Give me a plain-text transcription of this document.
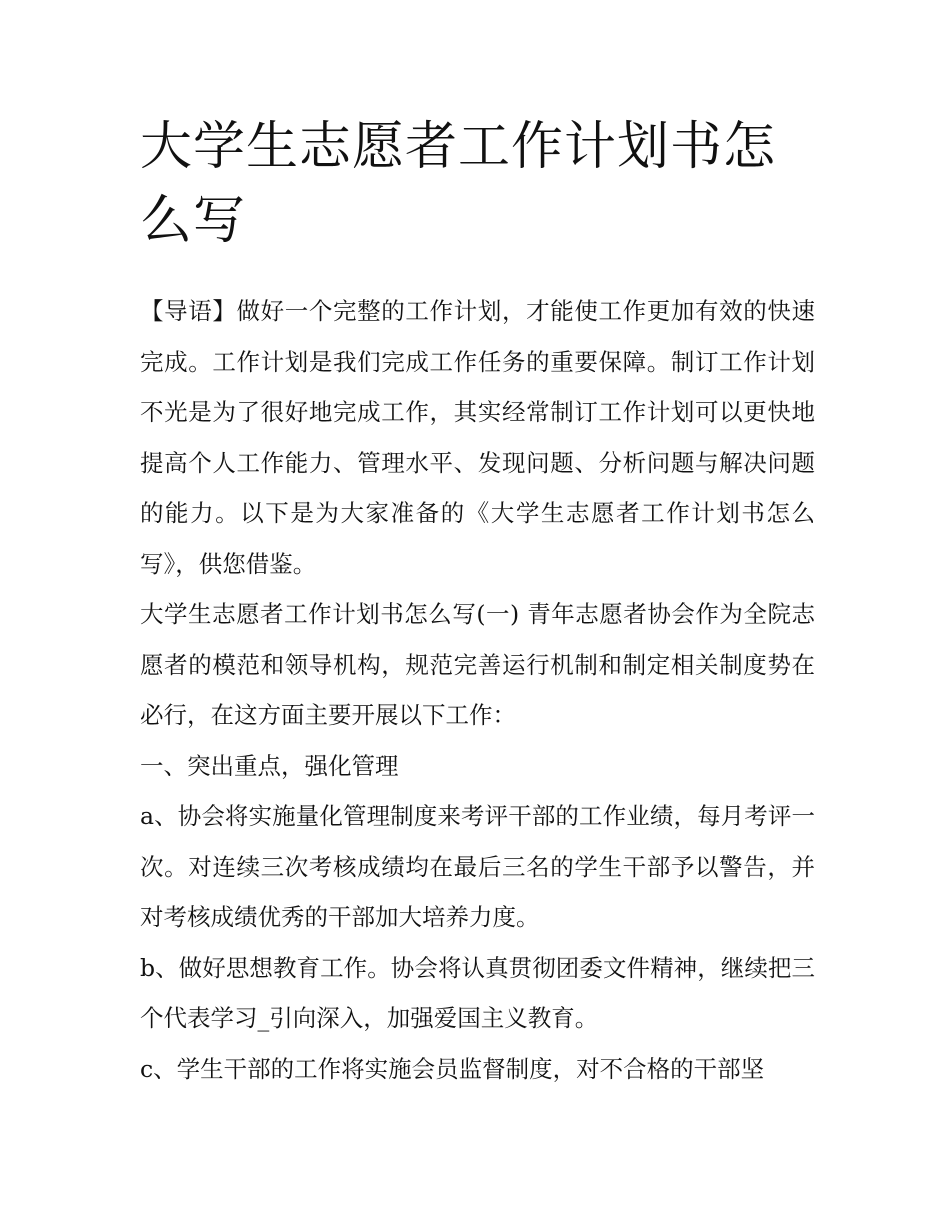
大学生志愿者工作计划书怎么写

【导语】做好一个完整的工作计划，才能使工作更加有效的快速完成。工作计划是我们完成工作任务的重要保障。制订工作计划不光是为了很好地完成工作，其实经常制订工作计划可以更快地提高个人工作能力、管理水平、发现问题、分析问题与解决问题的能力。以下是为大家准备的《大学生志愿者工作计划书怎么写》，供您借鉴。

大学生志愿者工作计划书怎么写(一) 青年志愿者协会作为全院志愿者的模范和领导机构，规范完善运行机制和制定相关制度势在必行，在这方面主要开展以下工作：

一、突出重点，强化管理

a、协会将实施量化管理制度来考评干部的工作业绩，每月考评一次。对连续三次考核成绩均在最后三名的学生干部予以警告，并对考核成绩优秀的干部加大培养力度。

b、做好思想教育工作。协会将认真贯彻团委文件精神，继续把三个代表学习_引向深入，加强爱国主义教育。

c、学生干部的工作将实施会员监督制度，对不合格的干部坚
